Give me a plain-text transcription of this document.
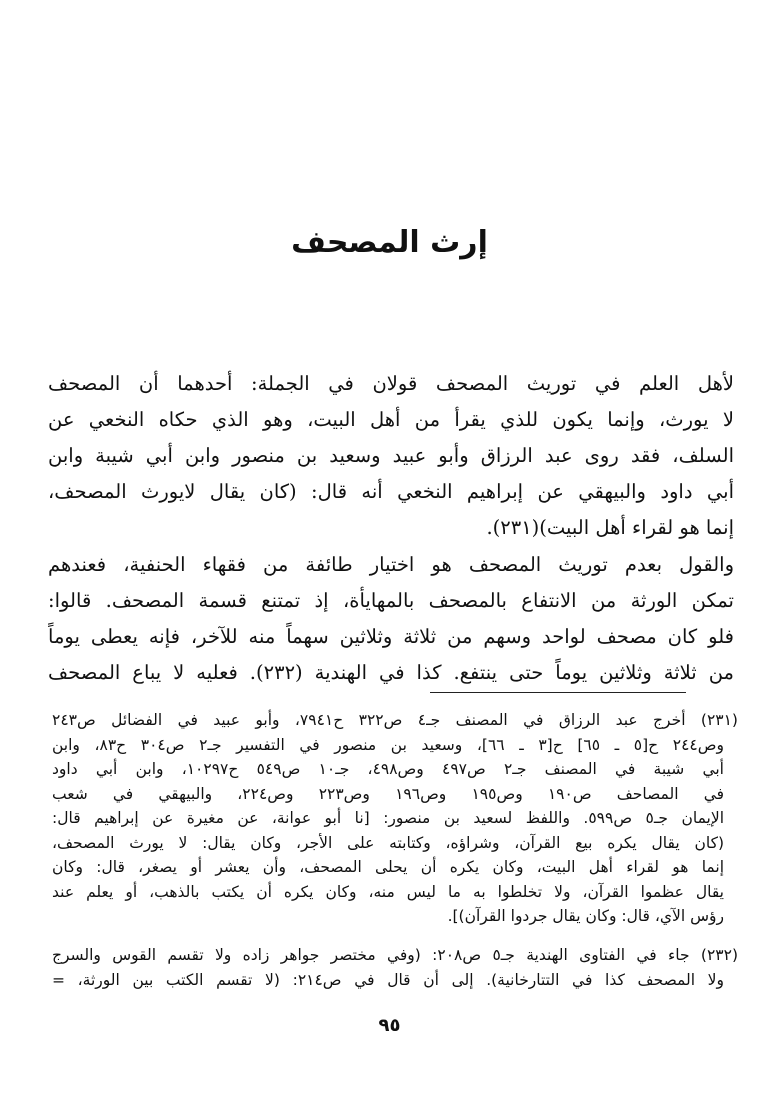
إرث المصحف
لأهل العلم في توريث المصحف قولان في الجملة: أحدهما أن المصحف
لا يورث، وإنما يكون للذي يقرأ من أهل البيت، وهو الذي حكاه النخعي عن
السلف، فقد روى عبد الرزاق وأبو عبيد وسعيد بن منصور وابن أبي شيبة وابن
أبي داود والبيهقي عن إبراهيم النخعي أنه قال: (كان يقال لايورث المصحف،
إنما هو لقراء أهل البيت)(٢٣١).
والقول بعدم توريث المصحف هو اختيار طائفة من فقهاء الحنفية، فعندهم
تمكن الورثة من الانتفاع بالمصحف بالمهايأة، إذ تمتنع قسمة المصحف. قالوا:
فلو كان مصحف لواحد وسهم من ثلاثة وثلاثين سهماً منه للآخر، فإنه يعطى يوماً
من ثلاثة وثلاثين يوماً حتى ينتفع. كذا في الهندية (٢٣٢). فعليه لا يباع المصحف
(٢٣١) أخرج عبد الرزاق في المصنف جـ٤ ص٣٢٢ ح٧٩٤١، وأبو عبيد في الفضائل ص٢٤٣
وص٢٤٤ ح[٥ ـ ٦٥] ح[٣ ـ ٦٦]، وسعيد بن منصور في التفسير جـ٢ ص٣٠٤ ح٨٣، وابن
أبي شيبة في المصنف جـ٢ ص٤٩٧ وص٤٩٨، جـ١٠ ص٥٤٩ ح١٠٢٩٧، وابن أبي داود
في المصاحف ص١٩٠ وص١٩٥ وص١٩٦ وص٢٢٣ وص٢٢٤، والبيهقي في شعب
الإيمان جـ٥ ص٥٩٩. واللفظ لسعيد بن منصور: [نا أبو عوانة، عن مغيرة عن إبراهيم قال:
(كان يقال يكره بيع القرآن، وشراؤه، وكتابته على الأجر، وكان يقال: لا يورث المصحف،
إنما هو لقراء أهل البيت، وكان يكره أن يحلى المصحف، وأن يعشر أو يصغر، قال: وكان
يقال عظموا القرآن، ولا تخلطوا به ما ليس منه، وكان يكره أن يكتب بالذهب، أو يعلم عند
رؤس الآي، قال: وكان يقال جردوا القرآن)].
(٢٣٢) جاء في الفتاوى الهندية جـ٥ ص٢٠٨: (وفي مختصر جواهر زاده ولا تقسم القوس والسرج
ولا المصحف كذا في التتارخانية). إلى أن قال في ص٢١٤: (لا تقسم الكتب بين الورثة، =
٩٥
